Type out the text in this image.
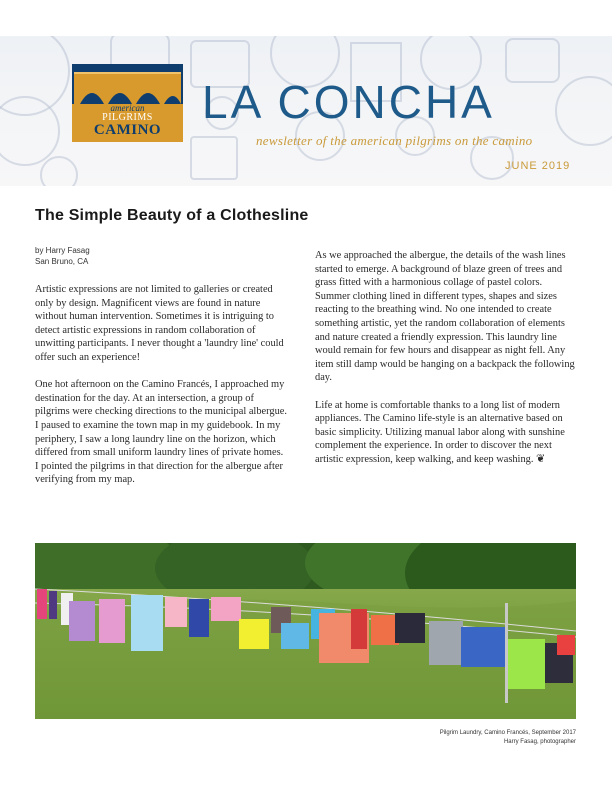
american
PILGRIMS
CAMINO
LA CONCHA
newsletter of the american pilgrims on the camino
JUNE 2019
The Simple Beauty of a Clothesline
by Harry Fasag
San Bruno, CA

Artistic expressions are not limited to galleries or created only by design. Magnificent views are found in nature without human intervention. Sometimes it is intriguing to detect artistic expressions in random collaboration of unwitting participants. I never thought a 'laundry line' could offer such an experience!

One hot afternoon on the Camino Francés, I approached my destination for the day. At an intersection, a group of pilgrims were checking directions to the municipal albergue. I paused to examine the town map in my guidebook. In my periphery, I saw a long laundry line on the horizon, which differed from small uniform laundry lines of private homes. I pointed the pilgrims in that direction for the albergue after verifying from my map.

As we approached the albergue, the details of the wash lines started to emerge. A background of blaze green of trees and grass fitted with a harmonious collage of pastel colors. Summer clothing lined in different types, shapes and sizes reacting to the breathing wind. No one intended to create something artistic, yet the random collaboration of elements and nature created a friendly expression. This laundry line would remain for few hours and disappear as night fell. Any item still damp would be hanging on a backpack the following day.

Life at home is comfortable thanks to a long list of modern appliances. The Camino life-style is an alternative based on basic simplicity. Utilizing manual labor along with sunshine complement the experience. In order to discover the next artistic expression, keep walking, and keep washing. ❦

Pilgrim Laundry, Camino Francés, September 2017
Harry Fasag, photographer
